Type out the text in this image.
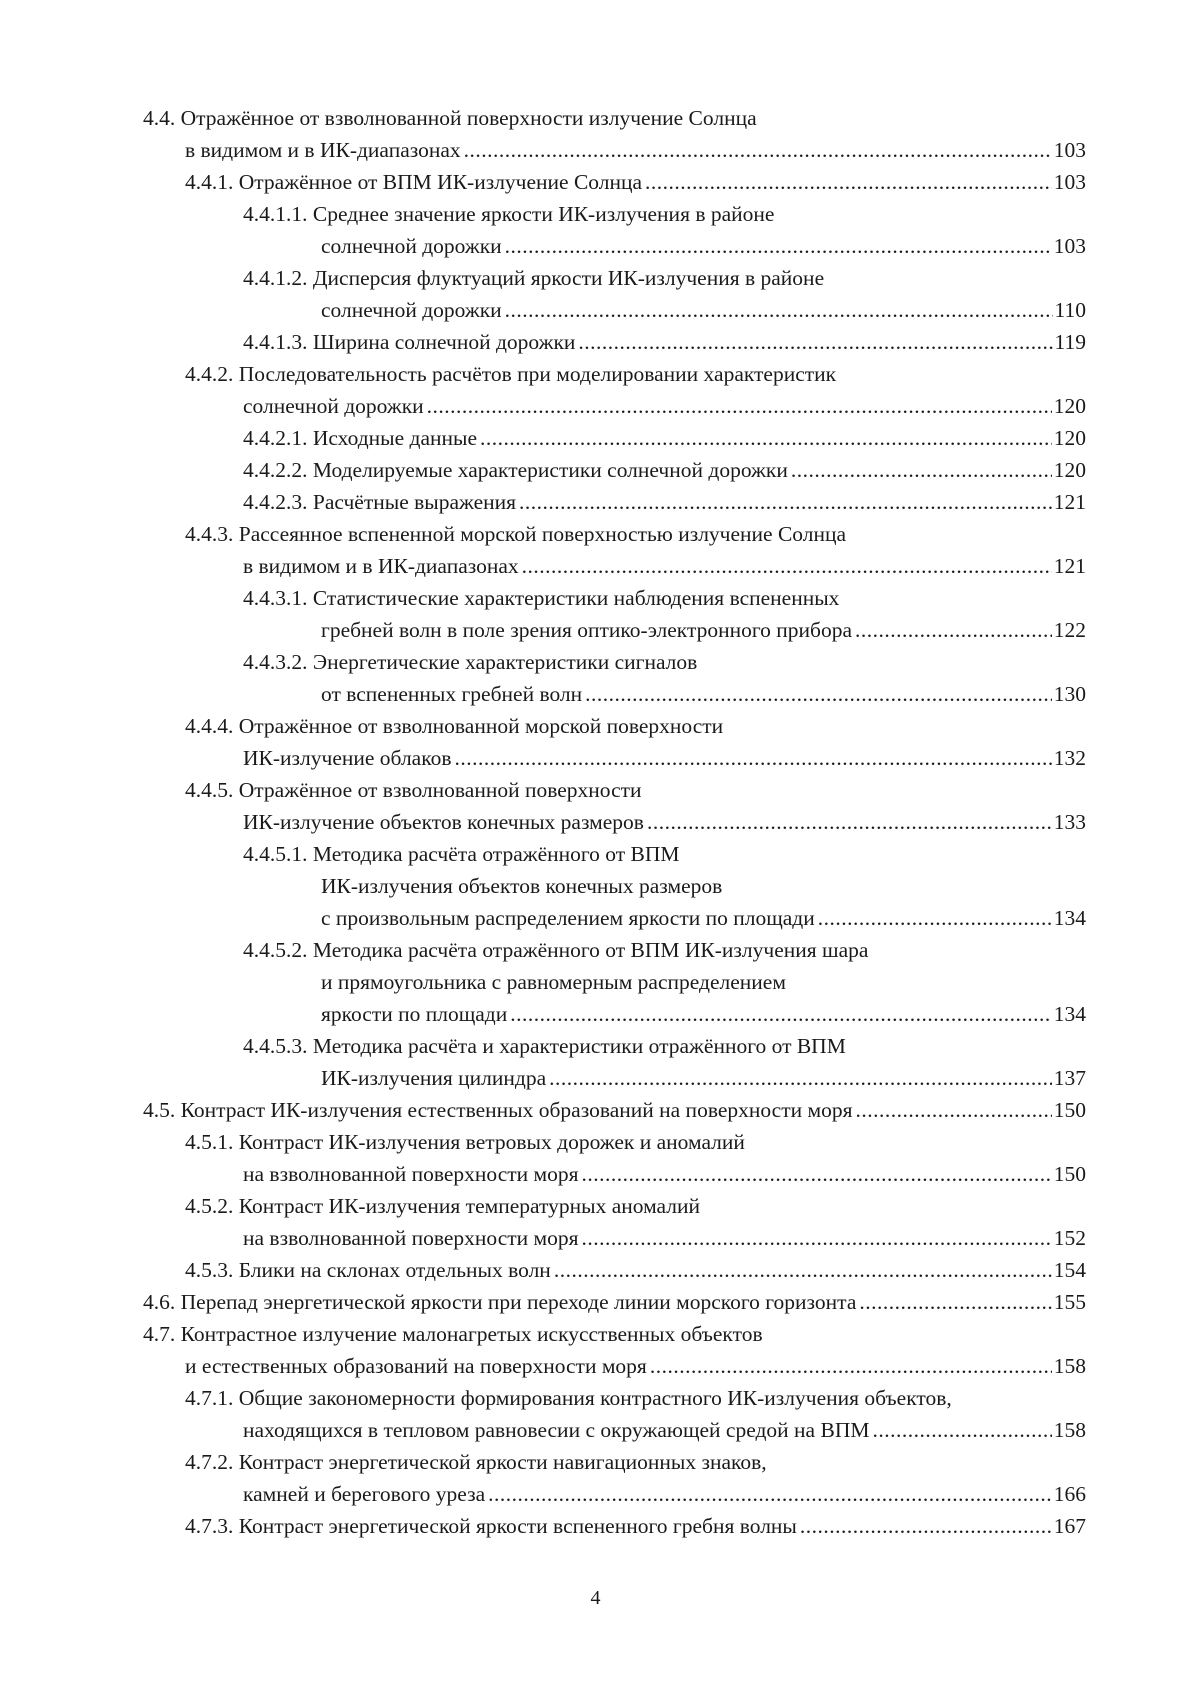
4.4. Отражённое от взволнованной поверхности излучение Солнца
в видимом и в ИК-диапазонах .....	103
4.4.1. Отражённое от ВПМ ИК-излучение Солнца .....	103
4.4.1.1. Среднее значение яркости ИК-излучения в районе
солнечной дорожки .....	103
4.4.1.2. Дисперсия флуктуаций яркости ИК-излучения в районе
солнечной дорожки .....	110
4.4.1.3. Ширина солнечной дорожки .....	119
4.4.2. Последовательность расчётов при моделировании характеристик
солнечной дорожки .....	120
4.4.2.1. Исходные данные .....	120
4.4.2.2. Моделируемые характеристики солнечной дорожки .....	120
4.4.2.3. Расчётные выражения .....	121
4.4.3. Рассеянное вспененной морской поверхностью излучение Солнца
в видимом и в ИК-диапазонах .....	121
4.4.3.1. Статистические характеристики наблюдения вспененных
гребней волн в поле зрения оптико-электронного прибора .....	122
4.4.3.2. Энергетические характеристики сигналов
от вспененных гребней волн .....	130
4.4.4. Отражённое от взволнованной морской поверхности
ИК-излучение облаков .....	132
4.4.5. Отражённое от взволнованной поверхности
ИК-излучение объектов конечных размеров .....	133
4.4.5.1. Методика расчёта отражённого от ВПМ
ИК-излучения объектов конечных размеров
с произвольным распределением яркости по площади .....	134
4.4.5.2. Методика расчёта отражённого от ВПМ ИК-излучения шара
и прямоугольника с равномерным распределением
яркости по площади .....	134
4.4.5.3. Методика расчёта и характеристики отражённого от ВПМ
ИК-излучения цилиндра .....	137
4.5. Контраст ИК-излучения естественных образований на поверхности моря .....	150
4.5.1. Контраст ИК-излучения ветровых дорожек и аномалий
на взволнованной поверхности моря .....	150
4.5.2. Контраст ИК-излучения температурных аномалий
на взволнованной поверхности моря .....	152
4.5.3. Блики на склонах отдельных волн .....	154
4.6. Перепад энергетической яркости при переходе линии морского горизонта .....	155
4.7. Контрастное излучение малонагретых искусственных объектов
и естественных образований на поверхности моря .....	158
4.7.1. Общие закономерности формирования контрастного ИК-излучения объектов,
находящихся в тепловом равновесии с окружающей средой на ВПМ .....	158
4.7.2. Контраст энергетической яркости навигационных знаков,
камней и берегового уреза .....	166
4.7.3. Контраст энергетической яркости вспененного гребня волны .....	167
4
